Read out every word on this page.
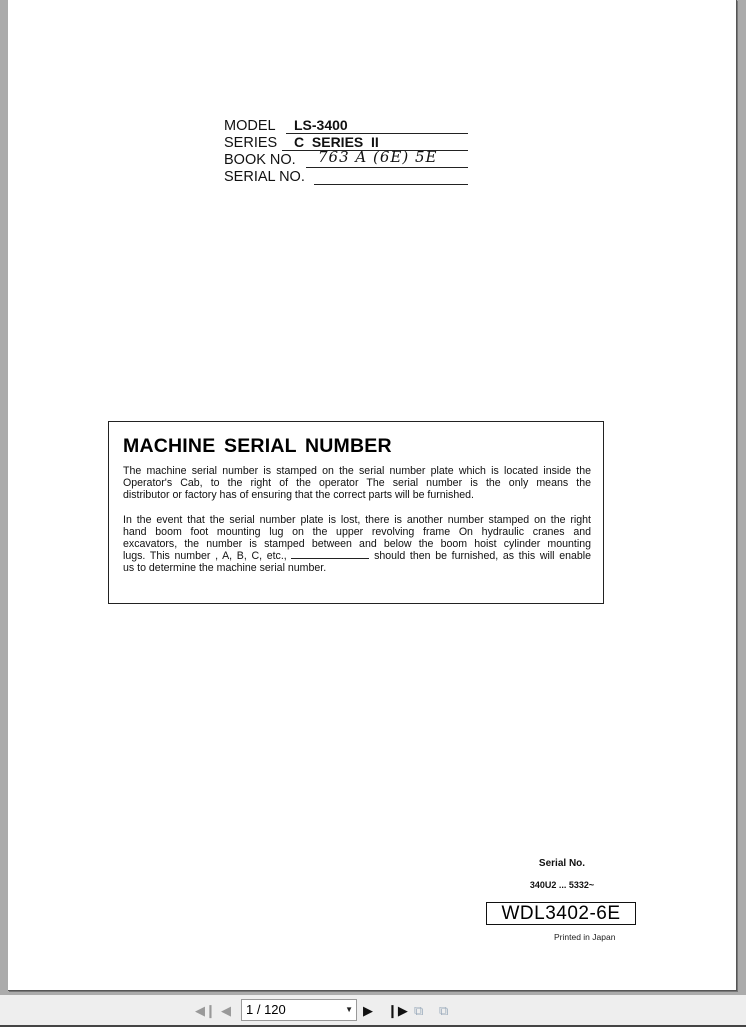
MODEL LS-3400
SERIES C  SERIES  II
BOOK NO. 763 A (6E) 5E
SERIAL NO.
MACHINE SERIAL NUMBER
The machine serial number is stamped on the serial number plate which is located inside the
Operator's Cab, to the right of the operator The serial number is the only means the
distributor or factory has of ensuring that the correct parts will be furnished.
In the event that the serial number plate is lost, there is another number stamped on the right
hand boom foot mounting lug on the upper revolving frame On hydraulic cranes and
excavators, the number is stamped between and below the boom hoist cylinder mounting
lugs. This number , A, B, C, etc.,	should then be furnished, as this will enable
us to determine the machine serial number.
Serial No.
340U2 ... 5332~
WDL3402-6E
Printed in Japan
◀❙ ◀	1 / 120	▼ ▶ ❙▶ ⧉ ⧉
